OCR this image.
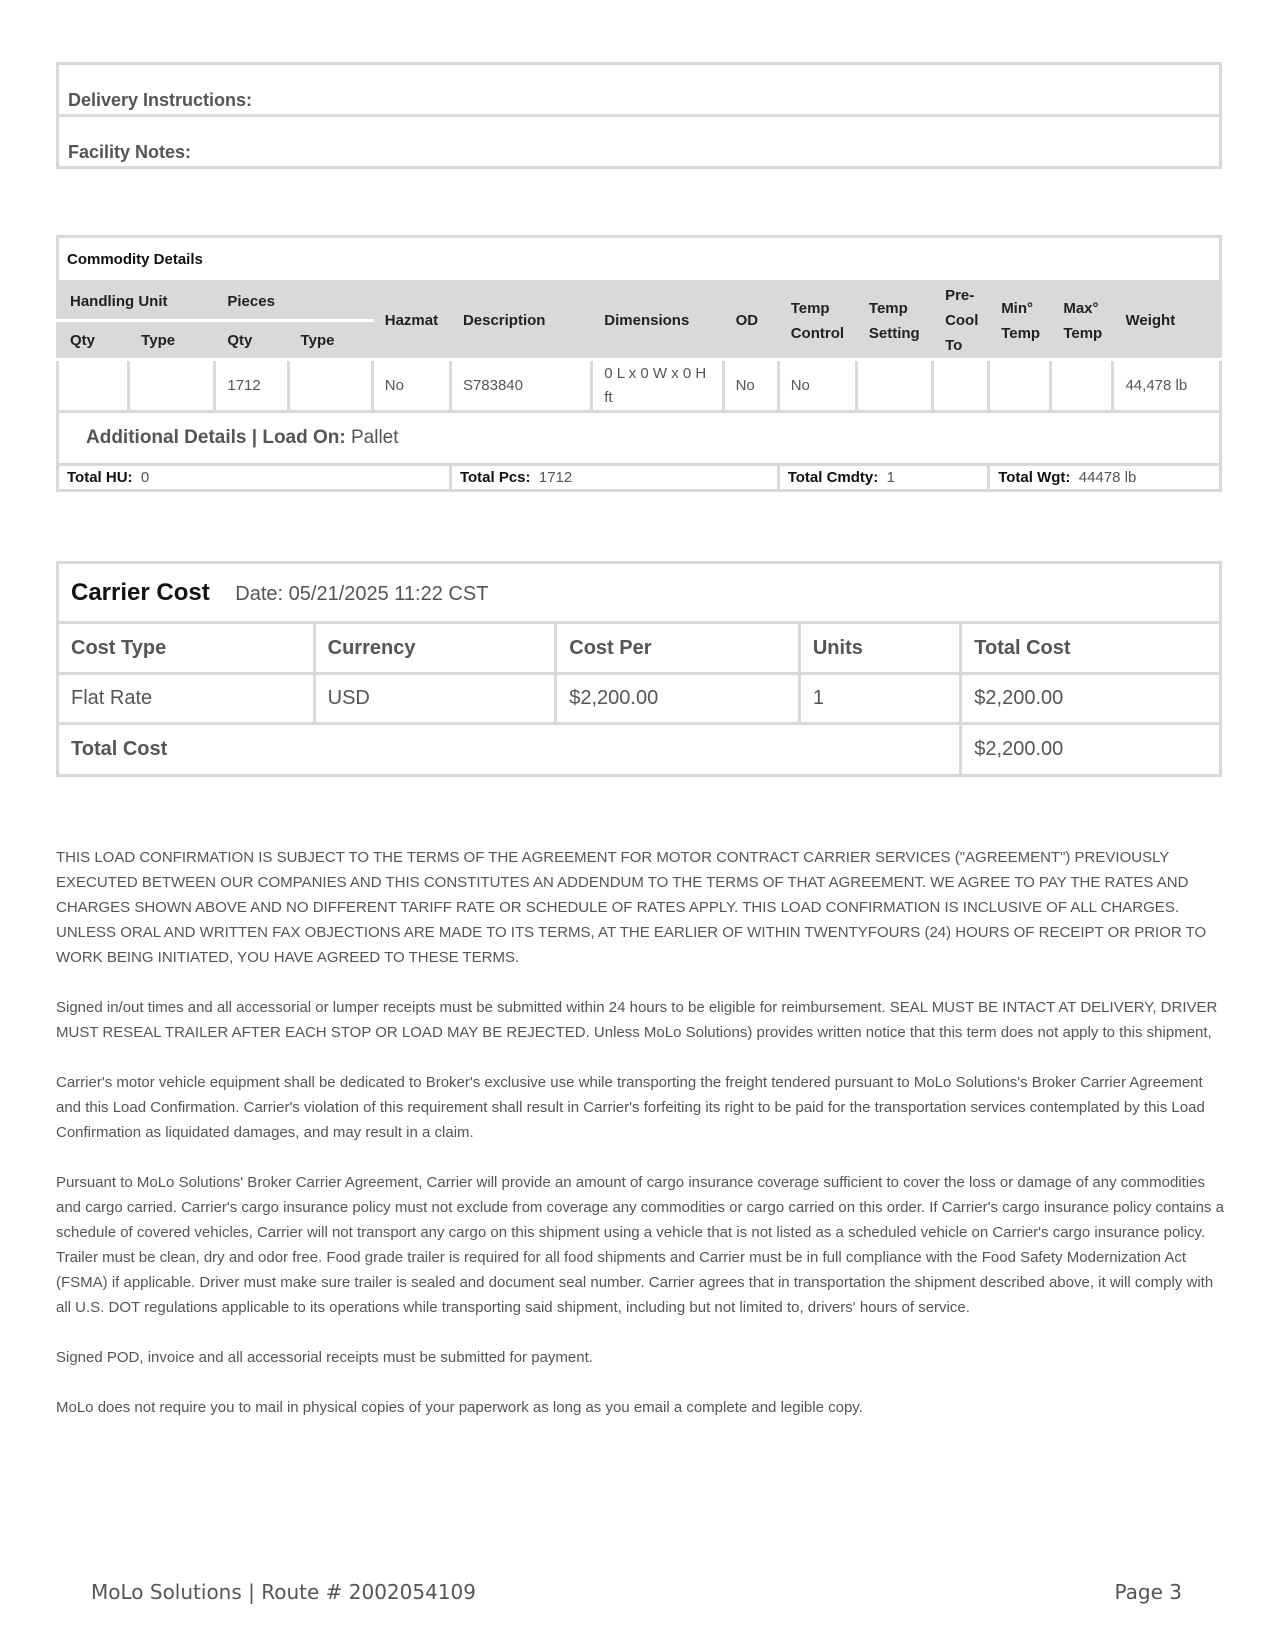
Delivery Instructions:
Facility Notes:
Commodity Details													
Handling Unit		Pieces		Hazmat	Description	Dimensions	OD	Temp Control	Temp Setting	Pre-Cool To	Min° Temp	Max° Temp	Weight
Qty	Type	Qty	Type										
		1712		No	S783840	0 L x 0 W x 0 H ft	No	No					44,478 lb
Additional Details | Load On: Pallet													
Total HU: 0					Total Pcs: 1712			Total Cmdty: 1			Total Wgt: 44478 lb		
Carrier Cost Date: 05/21/2025 11:22 CST				
Cost Type	Currency	Cost Per	Units	Total Cost
Flat Rate	USD	$2,200.00	1	$2,200.00
Total Cost				$2,200.00

THIS LOAD CONFIRMATION IS SUBJECT TO THE TERMS OF THE AGREEMENT FOR MOTOR CONTRACT CARRIER SERVICES ("AGREEMENT") PREVIOUSLY EXECUTED BETWEEN OUR COMPANIES AND THIS CONSTITUTES AN ADDENDUM TO THE TERMS OF THAT AGREEMENT. WE AGREE TO PAY THE RATES AND CHARGES SHOWN ABOVE AND NO DIFFERENT TARIFF RATE OR SCHEDULE OF RATES APPLY. THIS LOAD CONFIRMATION IS INCLUSIVE OF ALL CHARGES. UNLESS ORAL AND WRITTEN FAX OBJECTIONS ARE MADE TO ITS TERMS, AT THE EARLIER OF WITHIN TWENTYFOURS (24) HOURS OF RECEIPT OR PRIOR TO WORK BEING INITIATED, YOU HAVE AGREED TO THESE TERMS.

Signed in/out times and all accessorial or lumper receipts must be submitted within 24 hours to be eligible for reimbursement. SEAL MUST BE INTACT AT DELIVERY, DRIVER MUST RESEAL TRAILER AFTER EACH STOP OR LOAD MAY BE REJECTED. Unless MoLo Solutions) provides written notice that this term does not apply to this shipment,

Carrier's motor vehicle equipment shall be dedicated to Broker's exclusive use while transporting the freight tendered pursuant to MoLo Solutions's Broker Carrier Agreement and this Load Confirmation. Carrier's violation of this requirement shall result in Carrier's forfeiting its right to be paid for the transportation services contemplated by this Load Confirmation as liquidated damages, and may result in a claim.

Pursuant to MoLo Solutions' Broker Carrier Agreement, Carrier will provide an amount of cargo insurance coverage sufficient to cover the loss or damage of any commodities and cargo carried. Carrier's cargo insurance policy must not exclude from coverage any commodities or cargo carried on this order. If Carrier's cargo insurance policy contains a schedule of covered vehicles, Carrier will not transport any cargo on this shipment using a vehicle that is not listed as a scheduled vehicle on Carrier's cargo insurance policy. Trailer must be clean, dry and odor free. Food grade trailer is required for all food shipments and Carrier must be in full compliance with the Food Safety Modernization Act (FSMA) if applicable. Driver must make sure trailer is sealed and document seal number. Carrier agrees that in transportation the shipment described above, it will comply with all U.S. DOT regulations applicable to its operations while transporting said shipment, including but not limited to, drivers' hours of service.

Signed POD, invoice and all accessorial receipts must be submitted for payment.

MoLo does not require you to mail in physical copies of your paperwork as long as you email a complete and legible copy.

MoLo Solutions | Route # 2002054109	Page 3
